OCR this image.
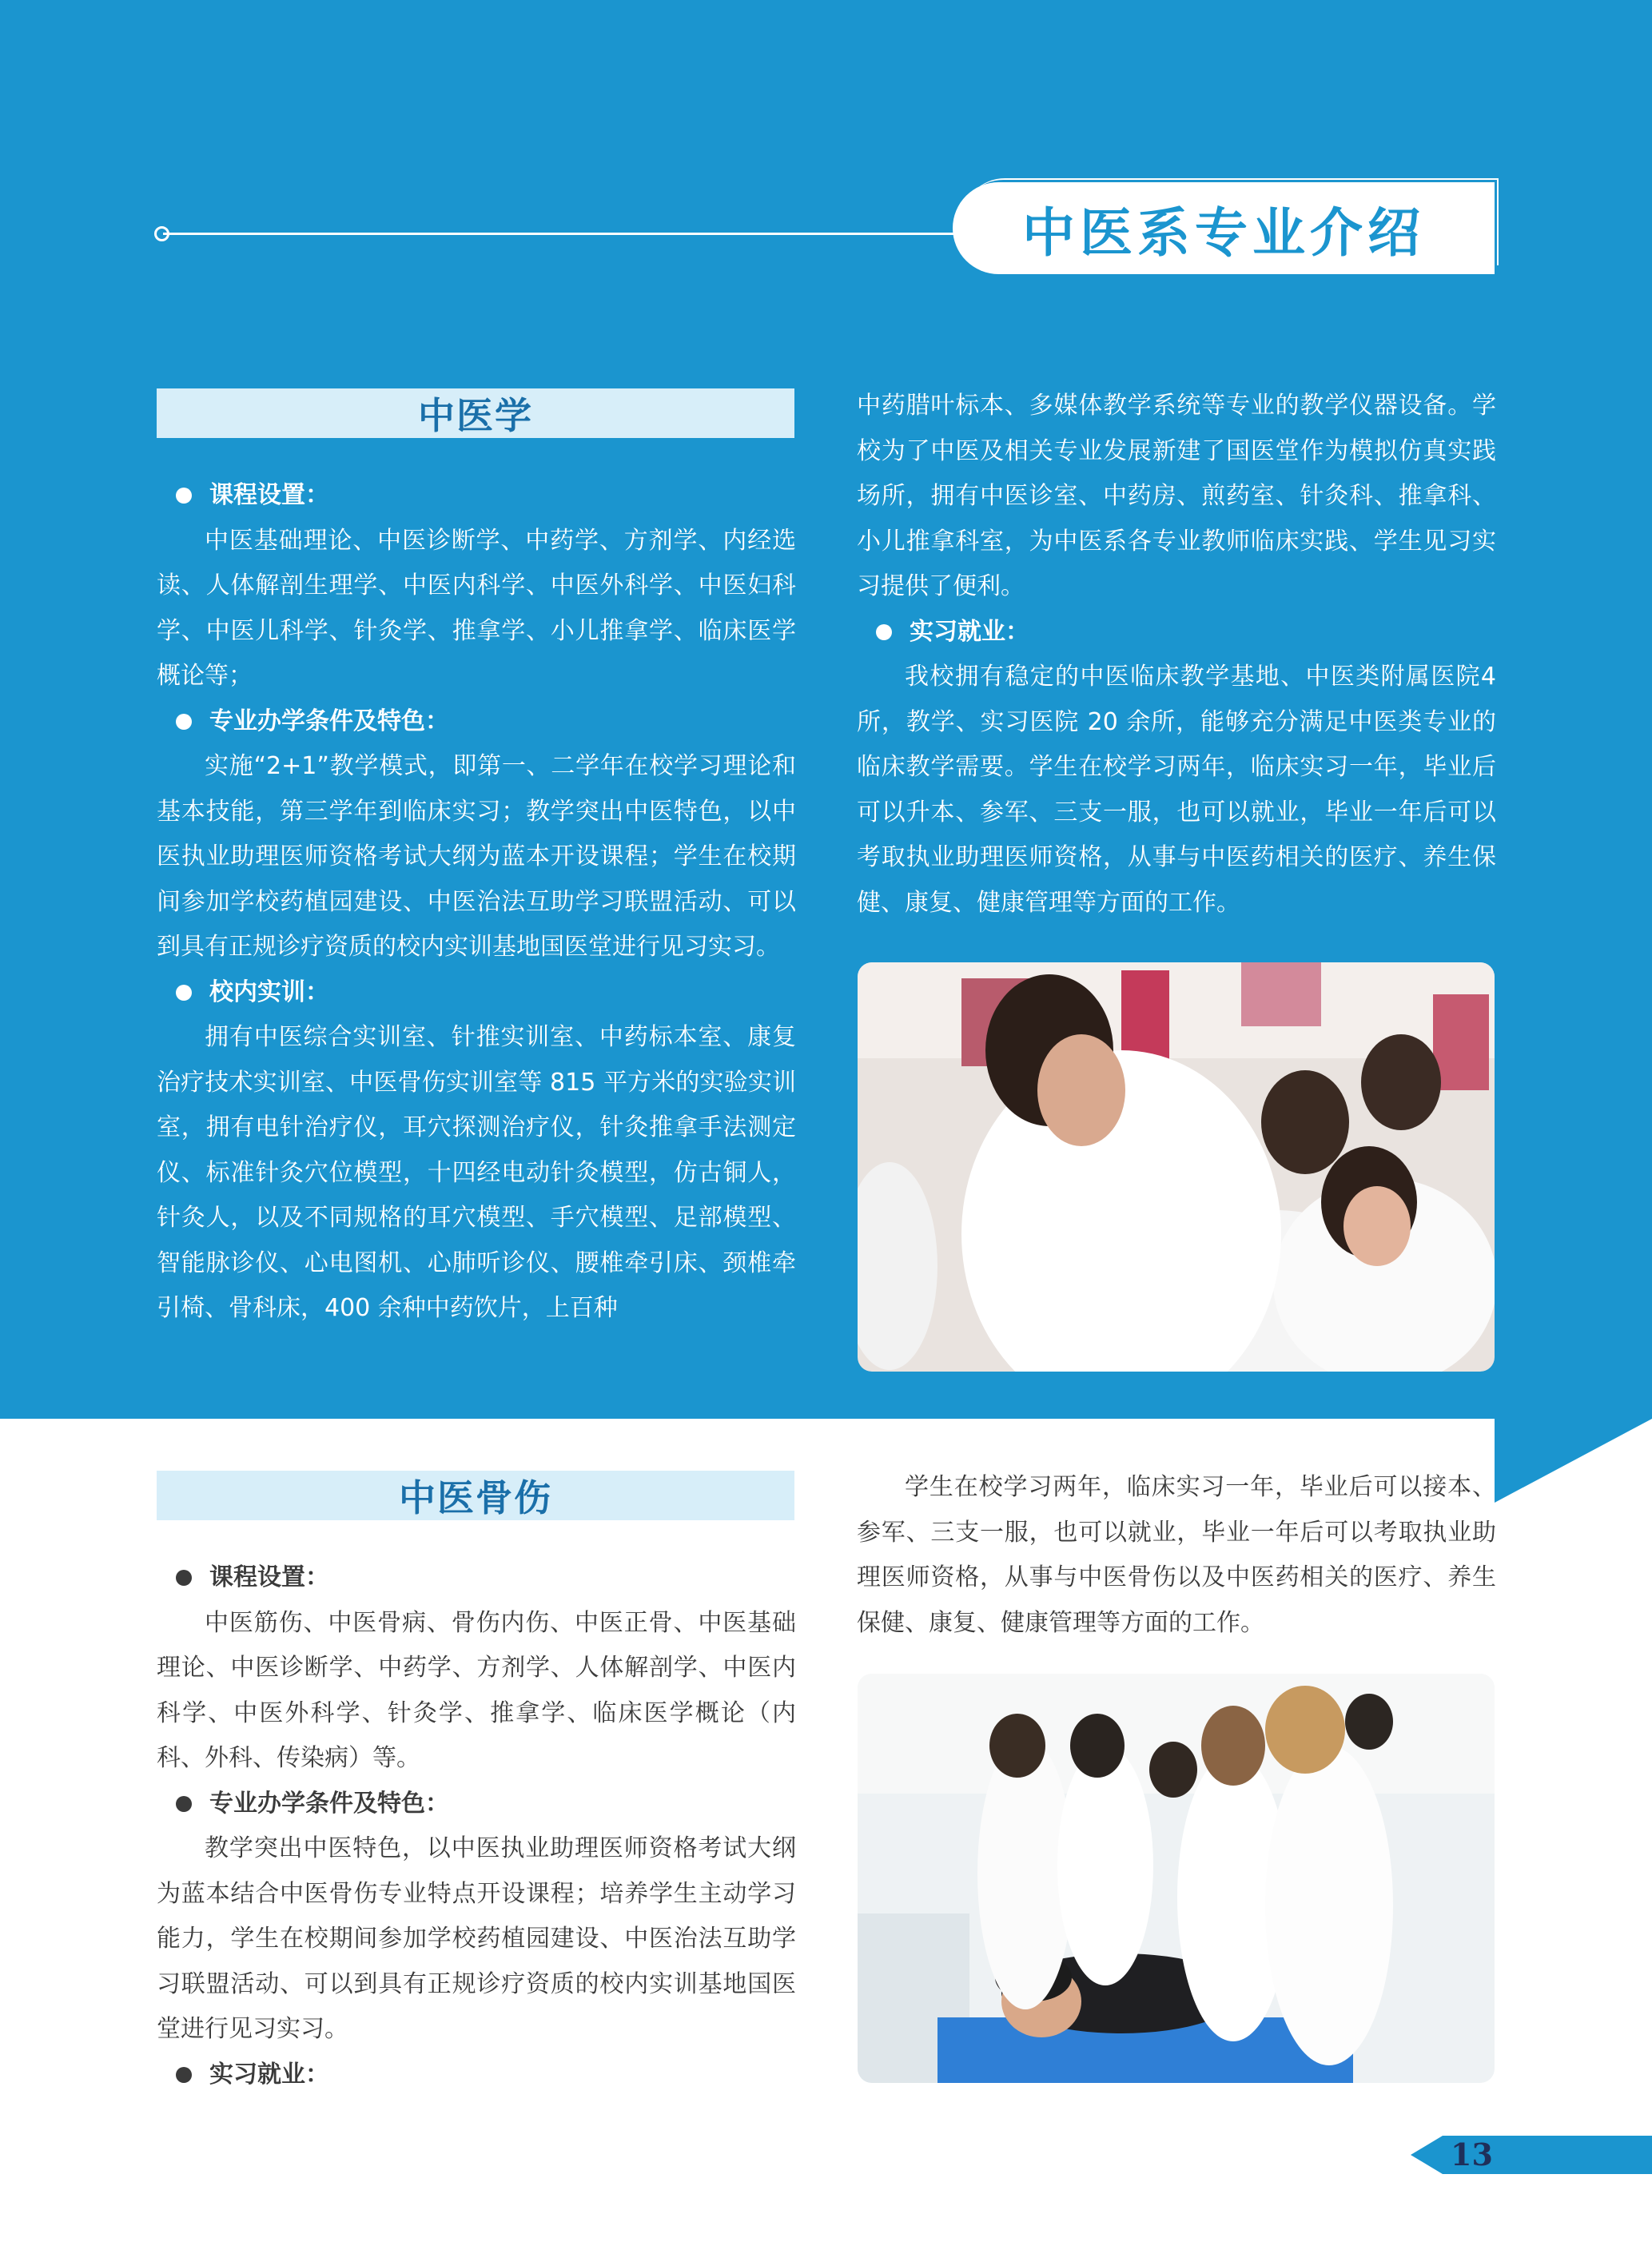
中医系专业介绍
中医学
课程设置：

中医基础理论、中医诊断学、中药学、方剂学、内经选读、人体解剖生理学、中医内科学、中医外科学、中医妇科学、中医儿科学、针灸学、推拿学、小儿推拿学、临床医学概论等；

专业办学条件及特色：

实施“2+1”教学模式，即第一、二学年在校学习理论和基本技能，第三学年到临床实习；教学突出中医特色，以中医执业助理医师资格考试大纲为蓝本开设课程；学生在校期间参加学校药植园建设、中医治法互助学习联盟活动、可以到具有正规诊疗资质的校内实训基地国医堂进行见习实习。

校内实训：

拥有中医综合实训室、针推实训室、中药标本室、康复治疗技术实训室、中医骨伤实训室等 815 平方米的实验实训室，拥有电针治疗仪，耳穴探测治疗仪，针灸推拿手法测定仪、标准针灸穴位模型，十四经电动针灸模型，仿古铜人，针灸人，以及不同规格的耳穴模型、手穴模型、足部模型、智能脉诊仪、心电图机、心肺听诊仪、腰椎牵引床、颈椎牵引椅、骨科床，400 余种中药饮片，上百种

中药腊叶标本、多媒体教学系统等专业的教学仪器设备。学校为了中医及相关专业发展新建了国医堂作为模拟仿真实践场所，拥有中医诊室、中药房、煎药室、针灸科、推拿科、小儿推拿科室，为中医系各专业教师临床实践、学生见习实习提供了便利。

实习就业：

我校拥有稳定的中医临床教学基地、中医类附属医院4 所，教学、实习医院 20 余所，能够充分满足中医类专业的临床教学需要。学生在校学习两年，临床实习一年，毕业后可以升本、参军、三支一服，也可以就业，毕业一年后可以考取执业助理医师资格，从事与中医药相关的医疗、养生保健、康复、健康管理等方面的工作。

中医骨伤
课程设置：

中医筋伤、中医骨病、骨伤内伤、中医正骨、中医基础理论、中医诊断学、中药学、方剂学、人体解剖学、中医内科学、中医外科学、针灸学、推拿学、临床医学概论（内科、外科、传染病）等。

专业办学条件及特色：

教学突出中医特色，以中医执业助理医师资格考试大纲为蓝本结合中医骨伤专业特点开设课程；培养学生主动学习能力，学生在校期间参加学校药植园建设、中医治法互助学习联盟活动、可以到具有正规诊疗资质的校内实训基地国医堂进行见习实习。

实习就业：

学生在校学习两年，临床实习一年，毕业后可以接本、参军、三支一服，也可以就业，毕业一年后可以考取执业助理医师资格，从事与中医骨伤以及中医药相关的医疗、养生保健、康复、健康管理等方面的工作。

13
